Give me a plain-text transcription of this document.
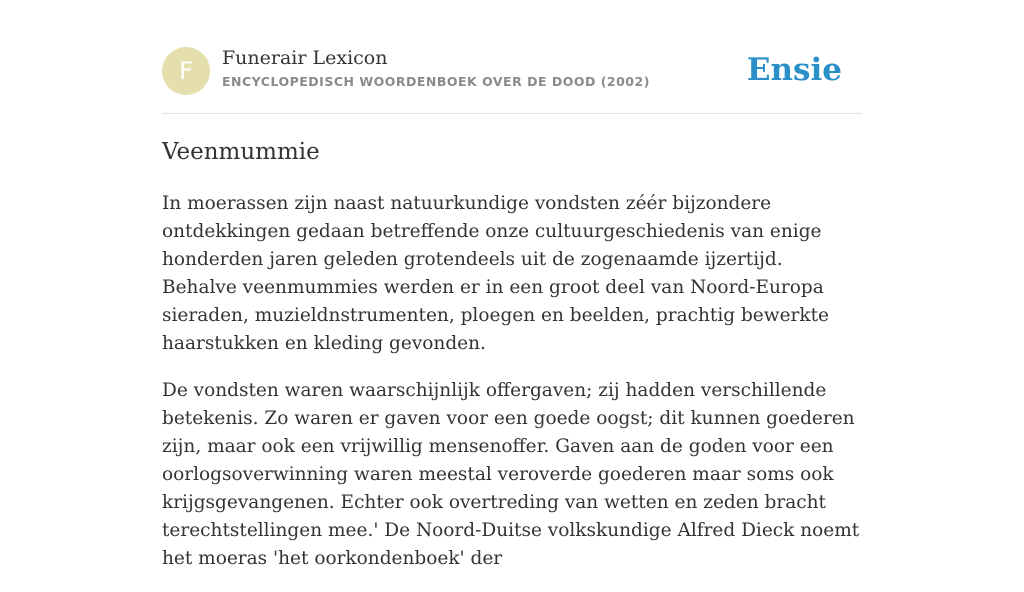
F	Funerair Lexicon
ENCYCLOPEDISCH WOORDENBOEK OVER DE DOOD (2002)	Ensie
Veenmummie

In moerassen zijn naast natuurkundige vondsten zéér bijzondere ontdekkingen gedaan betreffende onze cultuurgeschiedenis van enige honderden jaren geleden grotendeels uit de zogenaamde ijzertijd. Behalve veenmummies werden er in een groot deel van Noord-Europa sieraden, muzieldnstrumenten, ploegen en beelden, prachtig bewerkte haarstukken en kleding gevonden.

De vondsten waren waarschijnlijk offergaven; zij hadden verschillende betekenis. Zo waren er gaven voor een goede oogst; dit kunnen goederen zijn, maar ook een vrijwillig mensenoffer. Gaven aan de goden voor een oorlogsoverwinning waren meestal veroverde goederen maar soms ook krijgsgevangenen. Echter ook overtreding van wetten en zeden bracht terechtstellingen mee.' De Noord-Duitse volkskundige Alfred Dieck noemt het moeras 'het oorkondenboek' der
